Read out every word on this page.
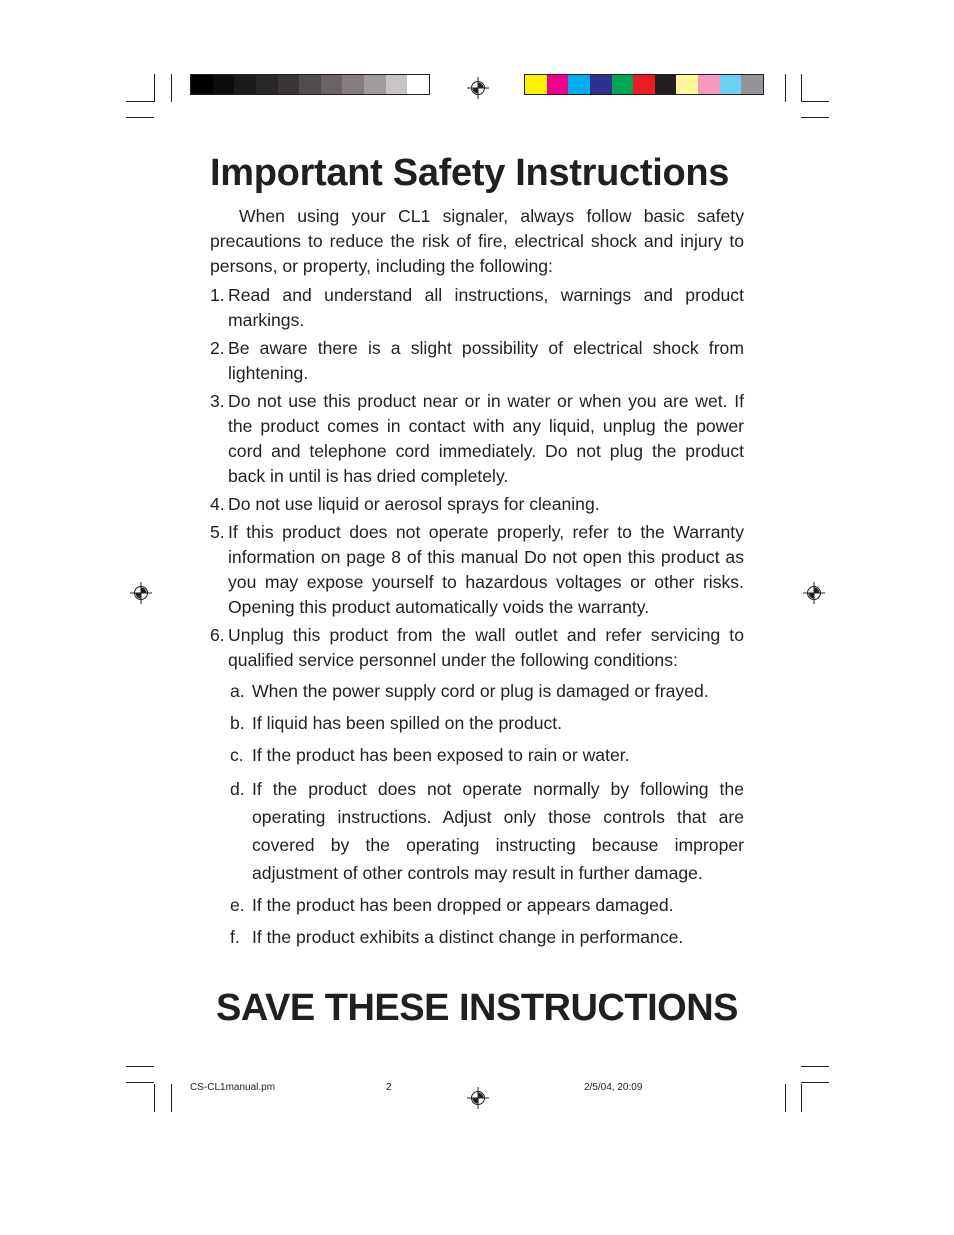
Important Safety Instructions

When using your CL1 signaler, always follow basic safety precautions to reduce the risk of fire, electrical shock and injury to persons, or property, including the following:

1. Read and understand all instructions, warnings and product markings.
2. Be aware there is a slight possibility of electrical shock from lightening.
3. Do not use this product near or in water or when you are wet. If the product comes in contact with any liquid, unplug the power cord and telephone cord immediately. Do not plug the product back in until is has dried completely.
4. Do not use liquid or aerosol sprays for cleaning.
5. If this product does not operate properly, refer to the Warranty information on page 8 of this manual Do not open this product as you may expose yourself to hazardous voltages or other risks. Opening this product automatically voids the warranty.
6. Unplug this product from the wall outlet and refer servicing to qualified service personnel under the following conditions:
a. When the power supply cord or plug is damaged or frayed.
b. If liquid has been spilled on the product.
c. If the product has been exposed to rain or water.
d. If the product does not operate normally by following the operating instructions. Adjust only those controls that are covered by the operating instructing because improper adjustment of other controls may result in further damage.
e. If the product has been dropped or appears damaged.
f. If the product exhibits a distinct change in performance.
SAVE THESE INSTRUCTIONS
CS-CL1manual.pm	2	2/5/04, 20:09
